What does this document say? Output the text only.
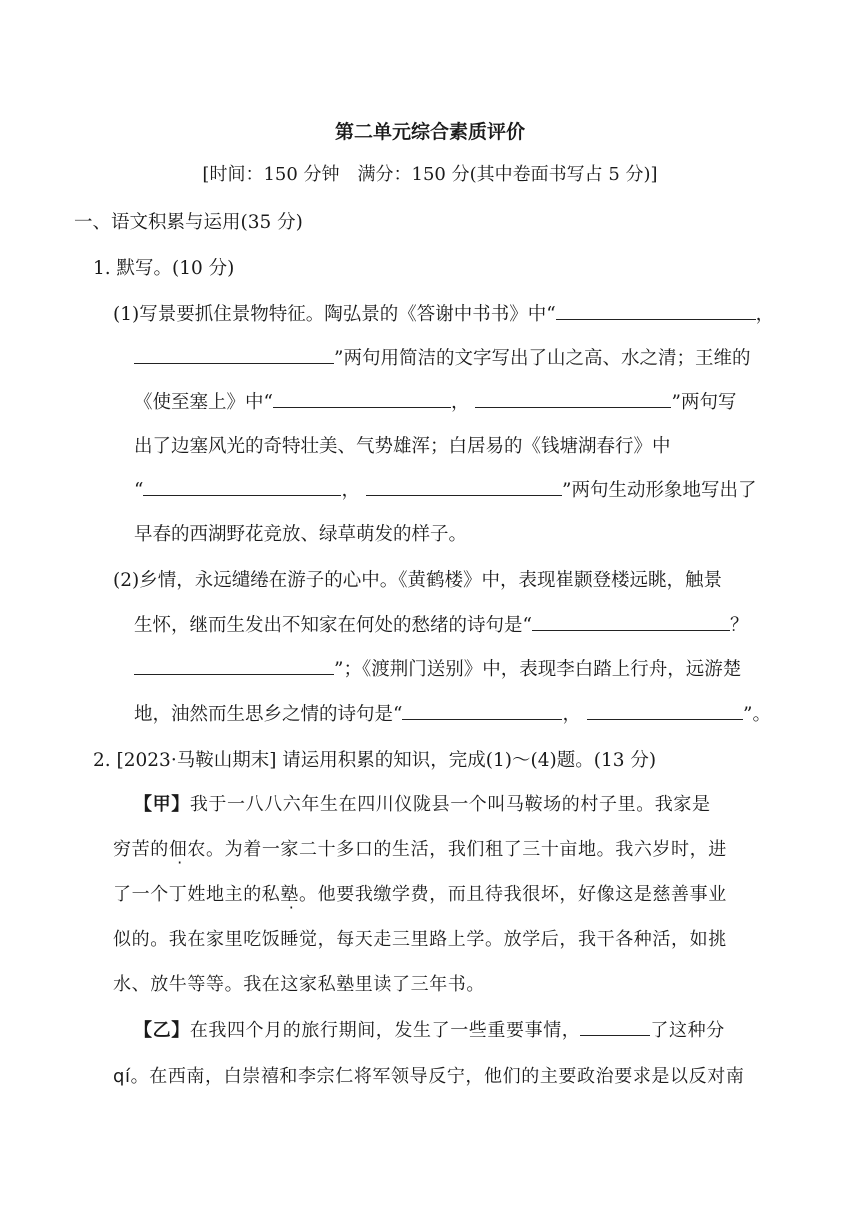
第二单元综合素质评价
[时间：150 分钟　满分：150 分(其中卷面书写占 5 分)]
一、语文积累与运用(35 分)
1. 默写。(10 分)
(1)写景要抓住景物特征。陶弘景的《答谢中书书》中“	，
”两句用简洁的文字写出了山之高、水之清；王维的
《使至塞上》中“	，	”两句写
出了边塞风光的奇特壮美、气势雄浑；白居易的《钱塘湖春行》中
“	，	”两句生动形象地写出了
早春的西湖野花竞放、绿草萌发的样子。
(2)乡情，永远缱绻在游子的心中。《黄鹤楼》中，表现崔颢登楼远眺，触景
生怀，继而生发出不知家在何处的愁绪的诗句是“	？
”；《渡荆门送别》中，表现李白踏上行舟，远游楚
地，油然而生思乡之情的诗句是“	，	”。
2. [2023·马鞍山期末] 请运用积累的知识，完成(1)～(4)题。(13 分)
【甲】我于一八八六年生在四川仪陇县一个叫马鞍场的村子里。我家是
穷苦的佃农。为着一家二十多口的生活，我们租了三十亩地。我六岁时，进
了一个丁姓地主的私塾。他要我缴学费，而且待我很坏，好像这是慈善事业
似的。我在家里吃饭睡觉，每天走三里路上学。放学后，我干各种活，如挑
水、放牛等等。我在这家私塾里读了三年书。
【乙】在我四个月的旅行期间，发生了一些重要事情，	了这种分
qí。在西南，白崇禧和李宗仁将军领导反宁，他们的主要政治要求是以反对南
